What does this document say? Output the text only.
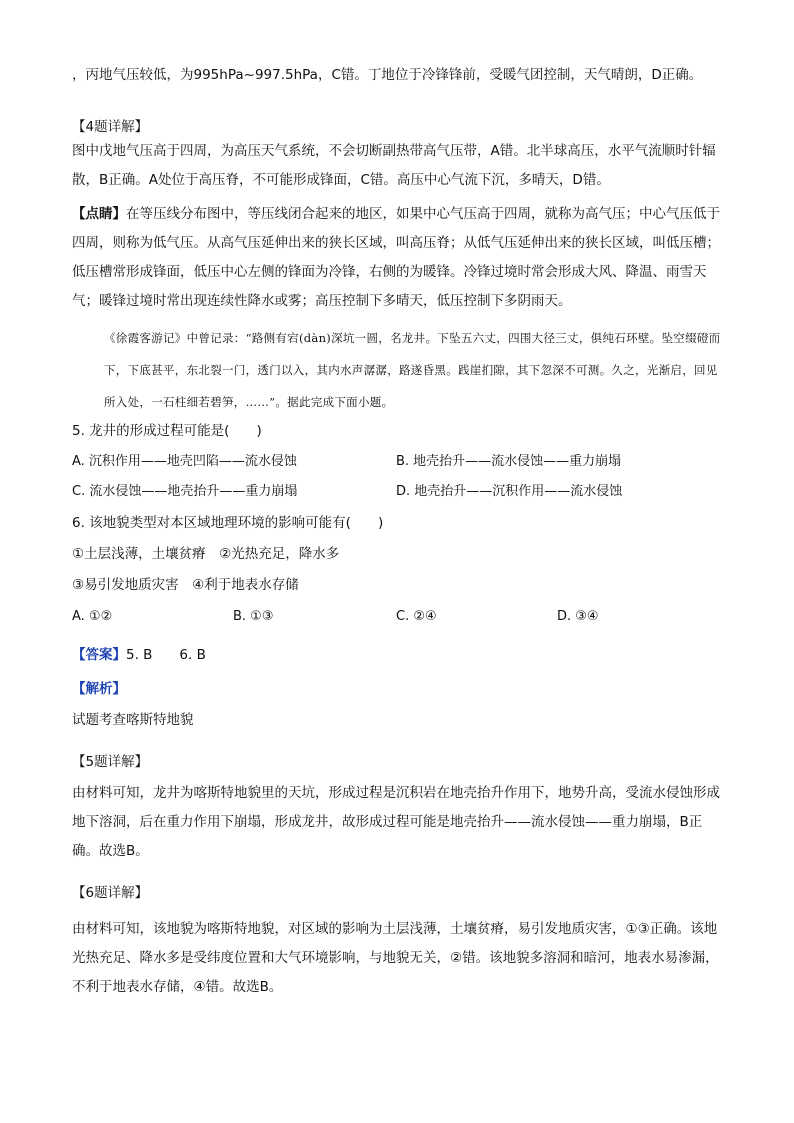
，丙地气压较低，为995hPa~997.5hPa，C错。丁地位于冷锋锋前，受暖气团控制，天气晴朗，D正确。

【4题详解】

图中戊地气压高于四周，为高压天气系统，不会切断副热带高气压带，A错。北半球高压，水平气流顺时针辐散，B正确。A处位于高压脊，不可能形成锋面，C错。高压中心气流下沉，多晴天，D错。

【点睛】在等压线分布图中，等压线闭合起来的地区，如果中心气压高于四周，就称为高气压；中心气压低于四周，则称为低气压。从高气压延伸出来的狭长区域，叫高压脊；从低气压延伸出来的狭长区域，叫低压槽；低压槽常形成锋面，低压中心左侧的锋面为冷锋，右侧的为暖锋。冷锋过境时常会形成大风、降温、雨雪天气；暖锋过境时常出现连续性降水或雾；高压控制下多晴天，低压控制下多阴雨天。

《徐霞客游记》中曾记录：“路侧有宕(dàn)深坑一圆，名龙井。下坠五六丈，四围大径三丈，俱纯石环壁。坠空缀磴而下，下底甚平，东北裂一门，透门以入，其内水声潺潺，路遂昏黑。践崖扪隙，其下忽深不可测。久之，光渐启，回见所入处，一石柱细若碧笋，……”。据此完成下面小题。

5. 龙井的形成过程可能是(　　)

A. 沉积作用——地壳凹陷——流水侵蚀	B. 地壳抬升——流水侵蚀——重力崩塌
C. 流水侵蚀——地壳抬升——重力崩塌	D. 地壳抬升——沉积作用——流水侵蚀

6. 该地貌类型对本区域地理环境的影响可能有(　　)

①土层浅薄，土壤贫瘠　②光热充足，降水多

③易引发地质灾害　④利于地表水存储

A. ①②	B. ①③	C. ②④	D. ③④

【答案】5. B　　6. B

【解析】

试题考查喀斯特地貌

【5题详解】

由材料可知，龙井为喀斯特地貌里的天坑，形成过程是沉积岩在地壳抬升作用下，地势升高，受流水侵蚀形成地下溶洞，后在重力作用下崩塌，形成龙井，故形成过程可能是地壳抬升——流水侵蚀——重力崩塌，B正确。故选B。

【6题详解】

由材料可知，该地貌为喀斯特地貌，对区域的影响为土层浅薄，土壤贫瘠，易引发地质灾害，①③正确。该地光热充足、降水多是受纬度位置和大气环境影响，与地貌无关，②错。该地貌多溶洞和暗河，地表水易渗漏，不利于地表水存储，④错。故选B。
